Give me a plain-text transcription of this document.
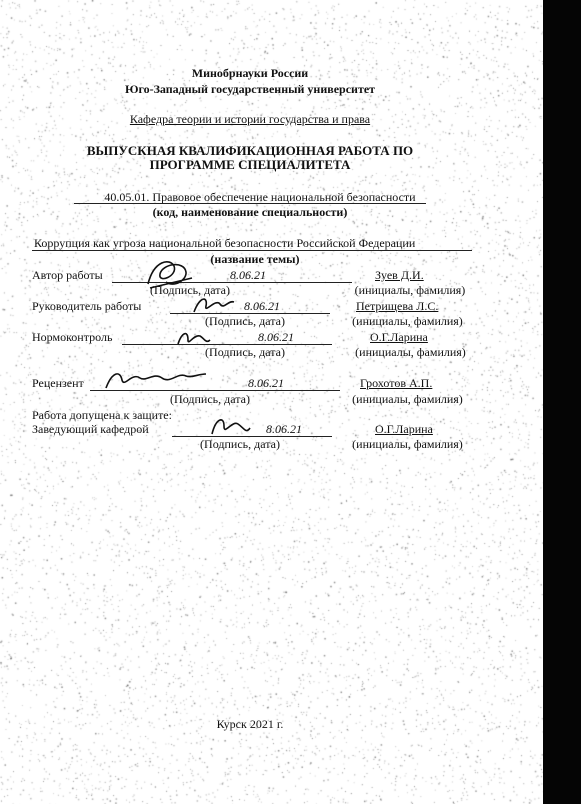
Минобрнауки России
Юго-Западный государственный университет
Кафедра теории и истории государства и права
ВЫПУСКНАЯ КВАЛИФИКАЦИОННАЯ РАБОТА ПО
ПРОГРАММЕ СПЕЦИАЛИТЕТА
40.05.01. Правовое обеспечение национальной безопасности
(код, наименование специальности)
Коррупция как угроза национальной безопасности Российской Федерации
(название темы)
Автор работы	8.06.21	Зуев Д.И.
(Подпись, дата)	(инициалы, фамилия)
Руководитель работы	8.06.21	Петрищева Л.С.
(Подпись, дата)	(инициалы, фамилия)
Нормоконтроль	8.06.21	О.Г.Ларина
(Подпись, дата)	(инициалы, фамилия)
Рецензент	8.06.21	Грохотов А.П.
(Подпись, дата)	(инициалы, фамилия)
Работа допущена к защите:
Заведующий кафедрой	8.06.21	О.Г.Ларина
(Подпись, дата)	(инициалы, фамилия)
Курск 2021 г.
